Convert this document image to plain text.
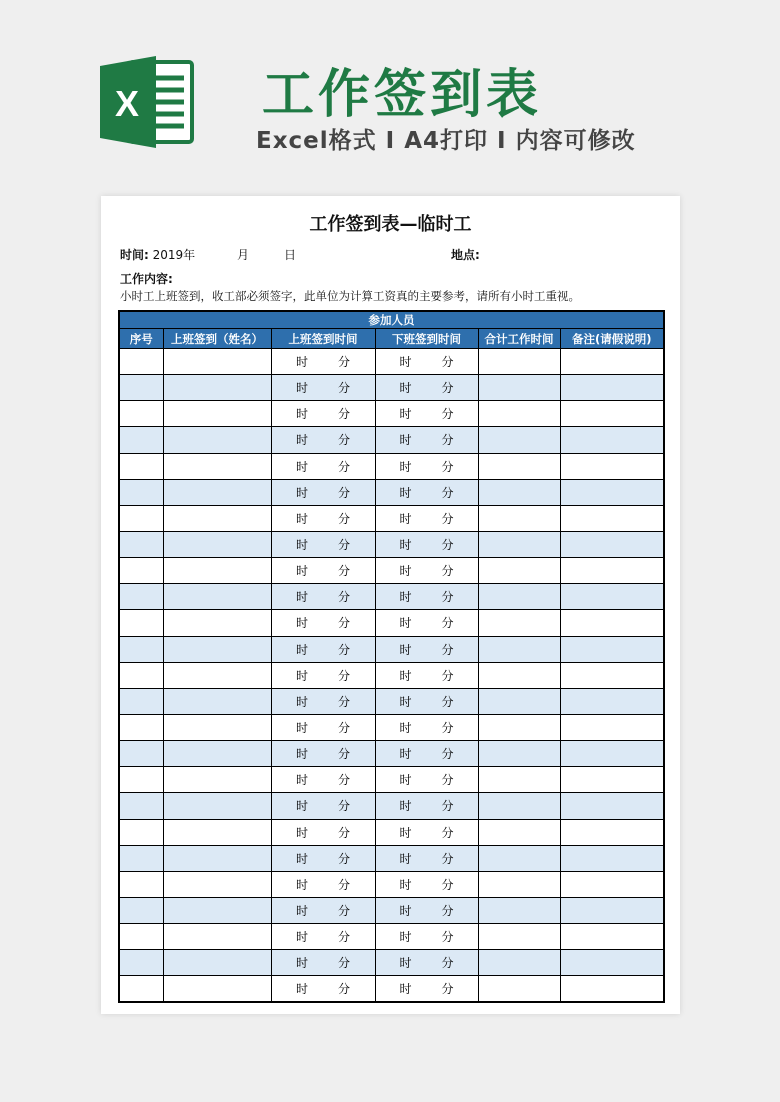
X 工作签到表
Excel格式 I A4打印 I 内容可修改
工作签到表—临时工
时间: 2019年	月	日	地点:
工作内容:
小时工上班签到，收工部必须签字，此单位为计算工资真的主要参考，请所有小时工重视。
参加人员					
序号	上班签到（姓名）	上班签到时间	下班签到时间	合计工作时间	备注(请假说明)
		时 分	时 分		
		时 分	时 分		
		时 分	时 分		
		时 分	时 分		
		时 分	时 分		
		时 分	时 分		
		时 分	时 分		
		时 分	时 分		
		时 分	时 分		
		时 分	时 分		
		时 分	时 分		
		时 分	时 分		
		时 分	时 分		
		时 分	时 分		
		时 分	时 分		
		时 分	时 分		
		时 分	时 分		
		时 分	时 分		
		时 分	时 分		
		时 分	时 分		
		时 分	时 分		
		时 分	时 分		
		时 分	时 分		
		时 分	时 分		
		时 分	时 分		
